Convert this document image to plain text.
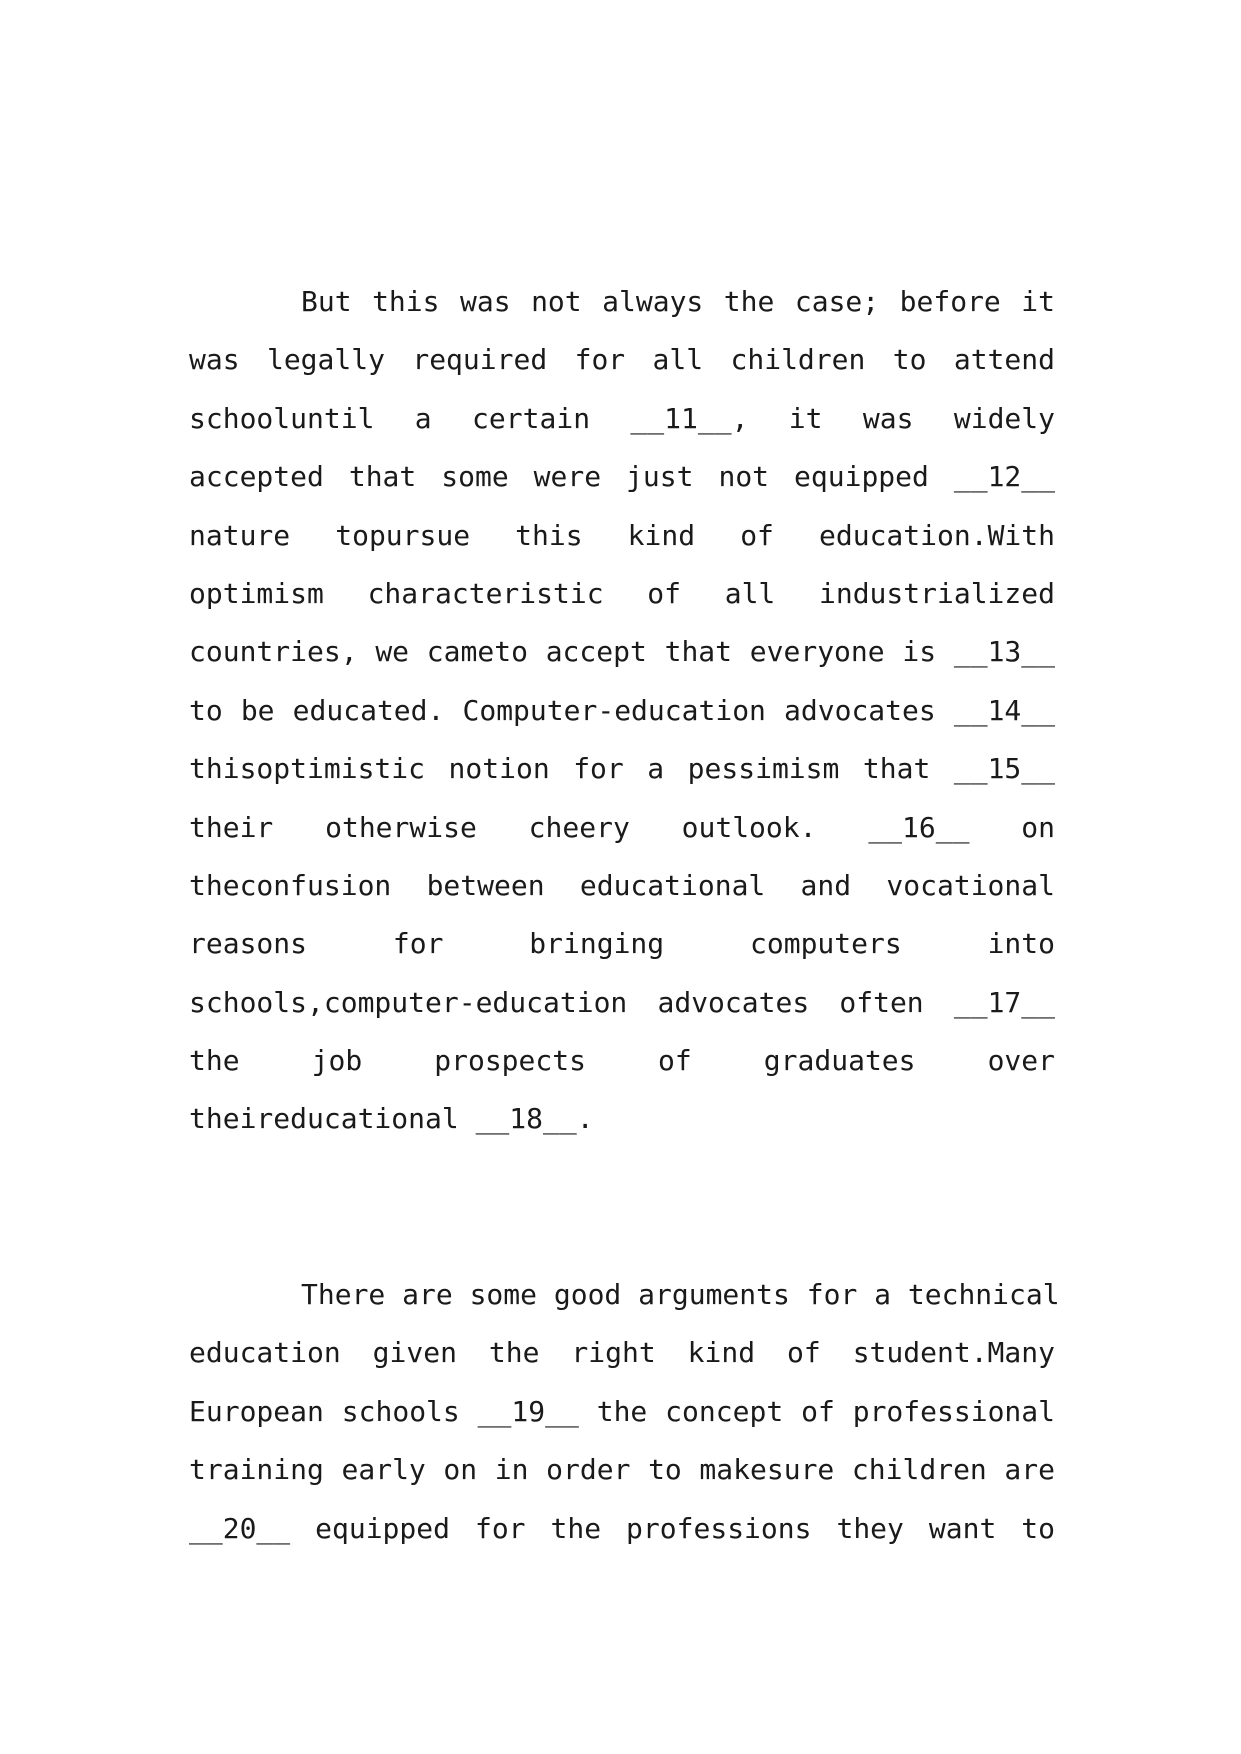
But this was not always the case; before it
was legally required for all children to attend
schooluntil a certain __11__, it was widely
accepted that some were just not equipped __12__
nature topursue this kind of education.With
optimism characteristic of all industrialized
countries, we cameto accept that everyone is __13__
to be educated. Computer-education advocates __14__
thisoptimistic notion for a pessimism that __15__
their otherwise cheery outlook. __16__ on
theconfusion between educational and vocational
reasons for bringing computers into
schools,computer-education advocates often __17__
the job prospects of graduates over
theireducational __18__.
There are some good arguments for a technical
education given the right kind of student.Many
European schools __19__ the concept of professional
training early on in order to makesure children are
__20__ equipped for the professions they want to
